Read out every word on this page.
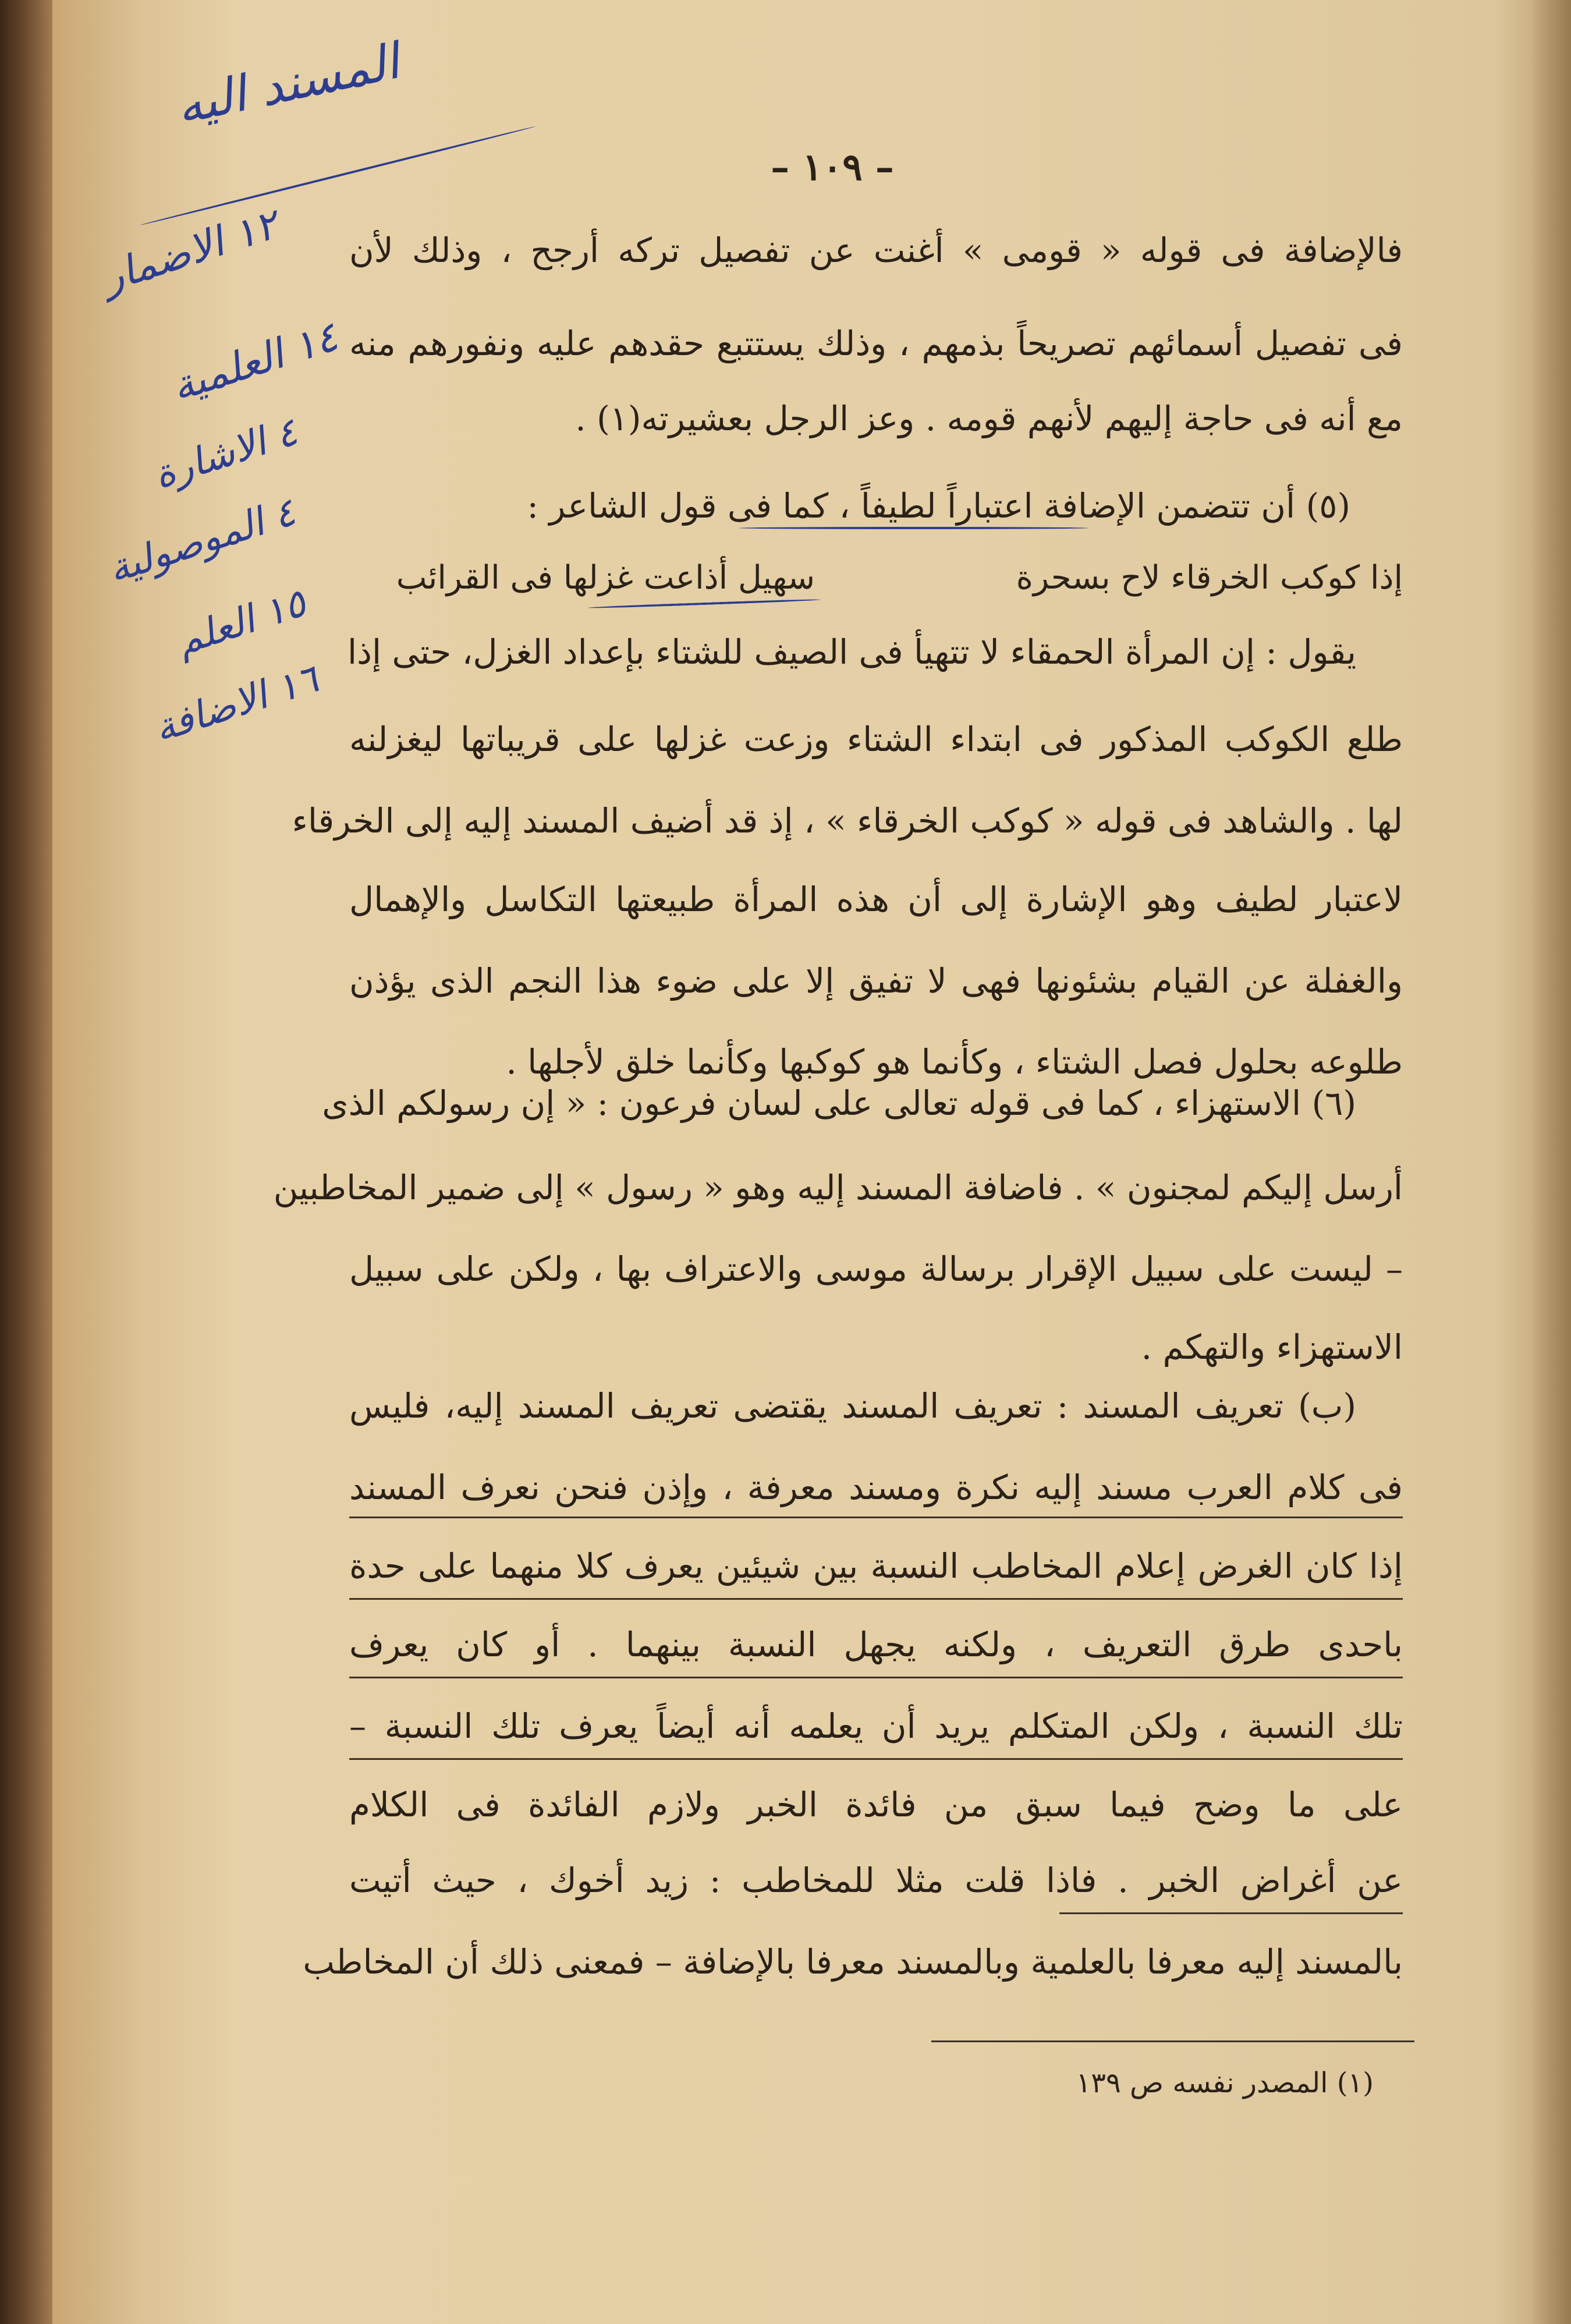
المسند اليه
– ١٠٩ –
١٢ الاضمار
١٤ العلمية
٤ الاشارة
٤ الموصولية
١٥ العلم
١٦ الاضافة
فالإضافة فى قوله « قومى » أغنت عن تفصيل تركه أرجح ، وذلك لأن
فى تفصيل أسمائهم تصريحاً بذمهم ، وذلك يستتبع حقدهم عليه ونفورهم منه
مع أنه فى حاجة إليهم لأنهم قومه . وعز الرجل بعشيرته(١) .
(٥) أن تتضمن الإضافة اعتباراً لطيفاً ، كما فى قول الشاعر :
إذا كوكب الخرقاء لاح بسحرة
سهيل أذاعت غزلها فى القرائب
يقول : إن المرأة الحمقاء لا تتهيأ فى الصيف للشتاء بإعداد الغزل، حتى إذا
طلع الكوكب المذكور فى ابتداء الشتاء وزعت غزلها على قريباتها ليغزلنه
لها . والشاهد فى قوله « كوكب الخرقاء » ، إذ قد أضيف المسند إليه إلى الخرقاء
لاعتبار لطيف وهو الإشارة إلى أن هذه المرأة طبيعتها التكاسل والإهمال
والغفلة عن القيام بشئونها فهى لا تفيق إلا على ضوء هذا النجم الذى يؤذن
طلوعه بحلول فصل الشتاء ، وكأنما هو كوكبها وكأنما خلق لأجلها .
(٦) الاستهزاء ، كما فى قوله تعالى على لسان فرعون : « إن رسولكم الذى
أرسل إليكم لمجنون » . فاضافة المسند إليه وهو « رسول » إلى ضمير المخاطبين
– ليست على سبيل الإقرار برسالة موسى والاعتراف بها ، ولكن على سبيل
الاستهزاء والتهكم .
(ب) تعريف المسند : تعريف المسند يقتضى تعريف المسند إليه، فليس
فى كلام العرب مسند إليه نكرة ومسند معرفة ، وإذن فنحن نعرف المسند
إذا كان الغرض إعلام المخاطب النسبة بين شيئين يعرف كلا منهما على حدة
باحدى طرق التعريف ، ولكنه يجهل النسبة بينهما . أو كان يعرف
تلك النسبة ، ولكن المتكلم يريد أن يعلمه أنه أيضاً يعرف تلك النسبة –
على ما وضح فيما سبق من فائدة الخبر ولازم الفائدة فى الكلام
عن أغراض الخبر . فاذا قلت مثلا للمخاطب : زيد أخوك ، حيث أتيت
بالمسند إليه معرفا بالعلمية وبالمسند معرفا بالإضافة – فمعنى ذلك أن المخاطب
(١) المصدر نفسه ص ١٣٩
